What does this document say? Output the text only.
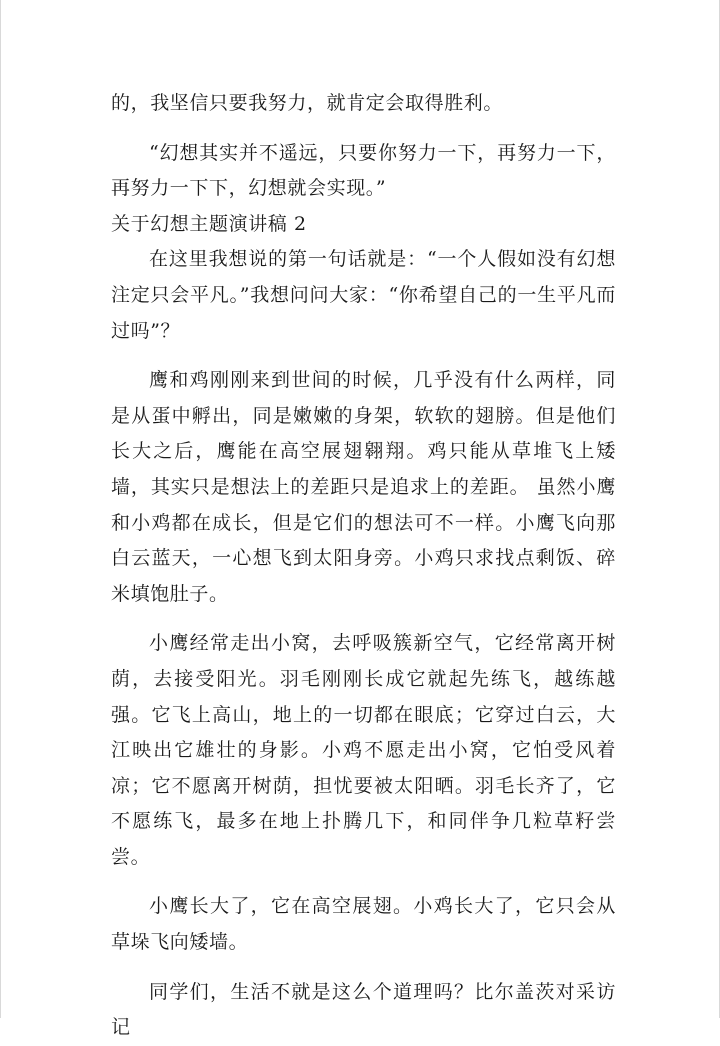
的，我坚信只要我努力，就肯定会取得胜利。

“幻想其实并不遥远，只要你努力一下，再努力一下，再努力一下下，幻想就会实现。”

关于幻想主题演讲稿 2

在这里我想说的第一句话就是：“一个人假如没有幻想注定只会平凡。”我想问问大家：“你希望自己的一生平凡而过吗”？

鹰和鸡刚刚来到世间的时候，几乎没有什么两样，同是从蛋中孵出，同是嫩嫩的身架，软软的翅膀。但是他们长大之后，鹰能在高空展翅翱翔。鸡只能从草堆飞上矮墙，其实只是想法上的差距只是追求上的差距。 虽然小鹰和小鸡都在成长，但是它们的想法可不一样。小鹰飞向那白云蓝天，一心想飞到太阳身旁。小鸡只求找点剩饭、碎米填饱肚子。

小鹰经常走出小窝，去呼吸簇新空气，它经常离开树荫，去接受阳光。羽毛刚刚长成它就起先练飞，越练越强。它飞上高山，地上的一切都在眼底；它穿过白云，大江映出它雄壮的身影。小鸡不愿走出小窝，它怕受风着凉；它不愿离开树荫，担忧要被太阳晒。羽毛长齐了，它不愿练飞，最多在地上扑腾几下，和同伴争几粒草籽尝尝。

小鹰长大了，它在高空展翅。小鸡长大了，它只会从草垛飞向矮墙。

同学们，生活不就是这么个道理吗？比尔盖茨对采访记
